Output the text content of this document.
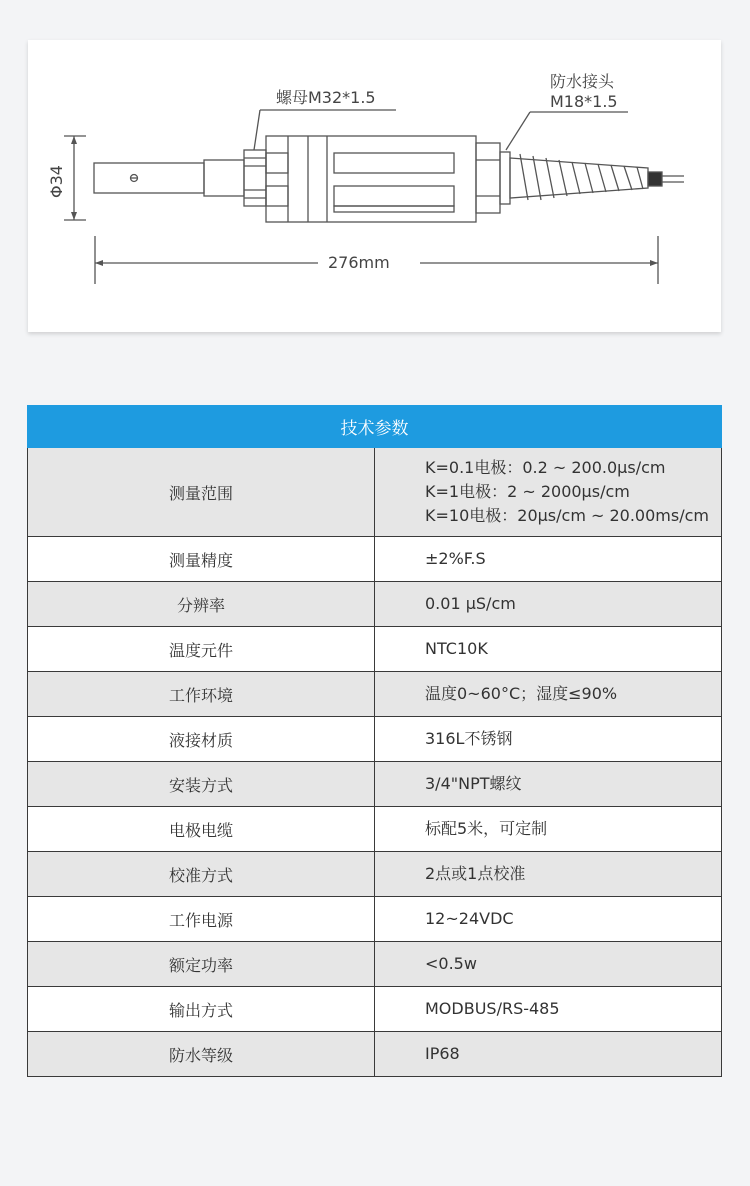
螺母M32*1.5
防水接头
M18*1.5
Φ34
276mm
技术参数	
测量范围	K=0.1电极：0.2 ~ 200.0μs/cm
K=1电极：2 ~ 2000μs/cm
K=10电极：20μs/cm ~ 20.00ms/cm

测量精度	±2%F.S

分辨率	0.01 μS/cm

温度元件	NTC10K

工作环境	温度0~60°C；湿度≤90%

液接材质	316L不锈钢

安装方式	3/4"NPT螺纹

电极电缆	标配5米，可定制

校准方式	2点或1点校准

工作电源	12~24VDC

额定功率	<0.5w

输出方式	MODBUS/RS-485

防水等级	IP68
